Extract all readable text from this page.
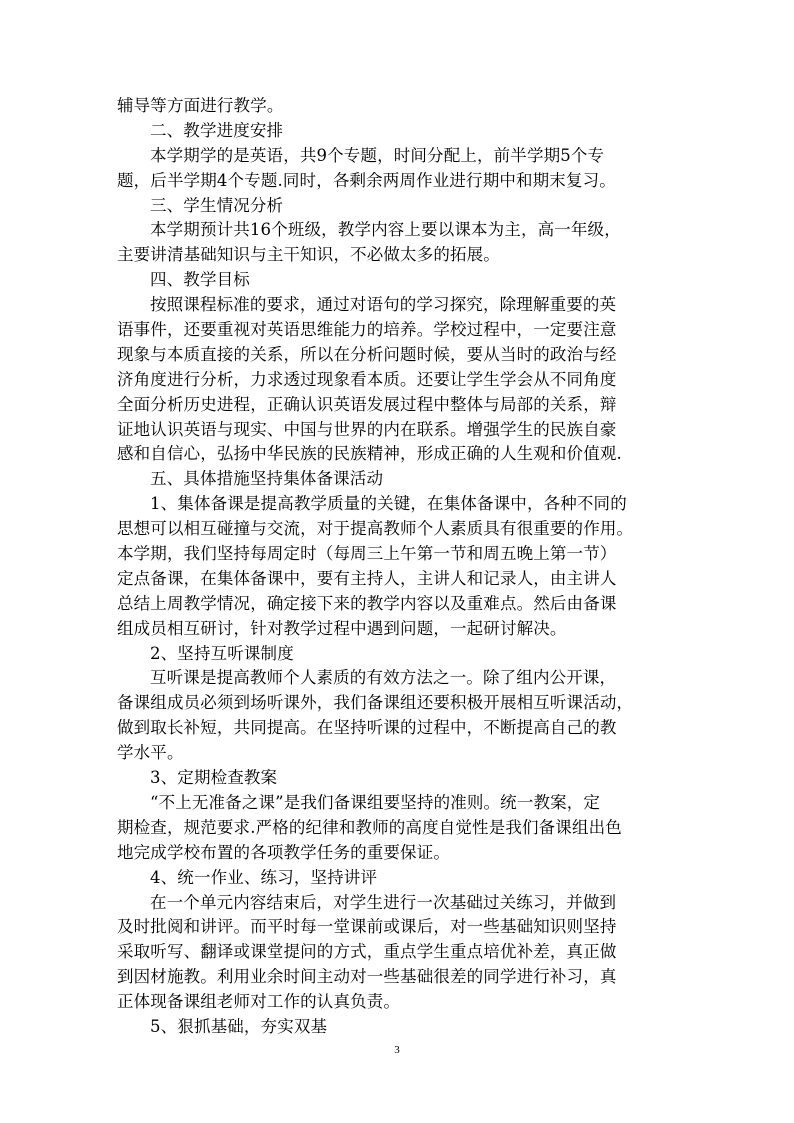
辅导等方面进行教学。
二、教学进度安排
本学期学的是英语，共9个专题，时间分配上，前半学期5个专
题，后半学期4个专题.同时，各剩余两周作业进行期中和期末复习。
三、学生情况分析
本学期预计共16个班级，教学内容上要以课本为主，高一年级，
主要讲清基础知识与主干知识，不必做太多的拓展。
四、教学目标
按照课程标准的要求，通过对语句的学习探究，除理解重要的英
语事件，还要重视对英语思维能力的培养。学校过程中，一定要注意
现象与本质直接的关系，所以在分析问题时候，要从当时的政治与经
济角度进行分析，力求透过现象看本质。还要让学生学会从不同角度
全面分析历史进程，正确认识英语发展过程中整体与局部的关系，辩
证地认识英语与现实、中国与世界的内在联系。增强学生的民族自豪
感和自信心，弘扬中华民族的民族精神，形成正确的人生观和价值观.
五、具体措施坚持集体备课活动
1、集体备课是提高教学质量的关键，在集体备课中，各种不同的
思想可以相互碰撞与交流，对于提高教师个人素质具有很重要的作用。
本学期，我们坚持每周定时（每周三上午第一节和周五晚上第一节）
定点备课，在集体备课中，要有主持人，主讲人和记录人，由主讲人
总结上周教学情况，确定接下来的教学内容以及重难点。然后由备课
组成员相互研讨，针对教学过程中遇到问题，一起研讨解决。
2、坚持互听课制度
互听课是提高教师个人素质的有效方法之一。除了组内公开课，
备课组成员必须到场听课外，我们备课组还要积极开展相互听课活动，
做到取长补短，共同提高。在坚持听课的过程中，不断提高自己的教
学水平。
3、定期检查教案
“不上无准备之课”是我们备课组要坚持的准则。统一教案，定
期检查，规范要求.严格的纪律和教师的高度自觉性是我们备课组出色
地完成学校布置的各项教学任务的重要保证。
4、统一作业、练习，坚持讲评
在一个单元内容结束后，对学生进行一次基础过关练习，并做到
及时批阅和讲评。而平时每一堂课前或课后，对一些基础知识则坚持
采取听写、翻译或课堂提问的方式，重点学生重点培优补差，真正做
到因材施教。利用业余时间主动对一些基础很差的同学进行补习，真
正体现备课组老师对工作的认真负责。
5、狠抓基础，夯实双基
3
